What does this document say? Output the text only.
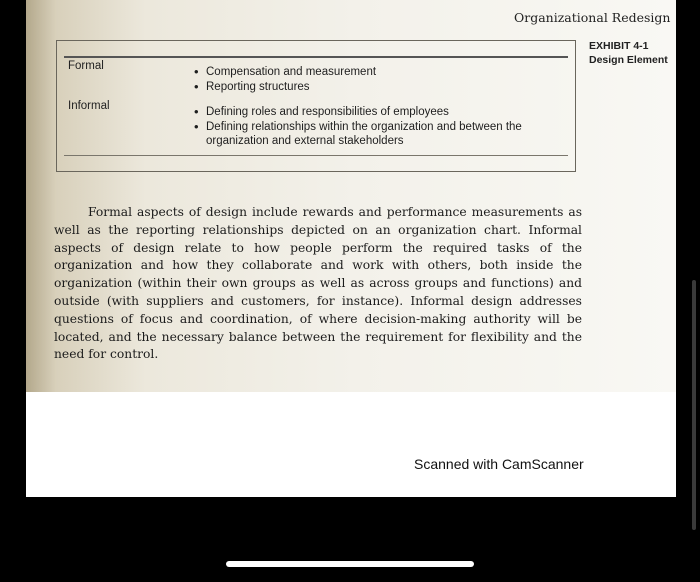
Organizational Redesign
Formal	• Compensation and measurement
• Reporting structures
Informal	• Defining roles and responsibilities of employees
• Defining relationships within the organization and between the organization and external stakeholders
EXHIBIT 4-1
Design Element

Formal aspects of design include rewards and performance measurements as well as the reporting relationships depicted on an organization chart. Informal aspects of design relate to how people perform the required tasks of the organization and how they collaborate and work with others, both inside the organization (within their own groups as well as across groups and functions) and outside (with suppliers and customers, for instance). Informal design addresses questions of focus and coordination, of where decision-making authority will be located, and the necessary balance between the requirement for flexibility and the need for control.

Scanned with CamScanner
